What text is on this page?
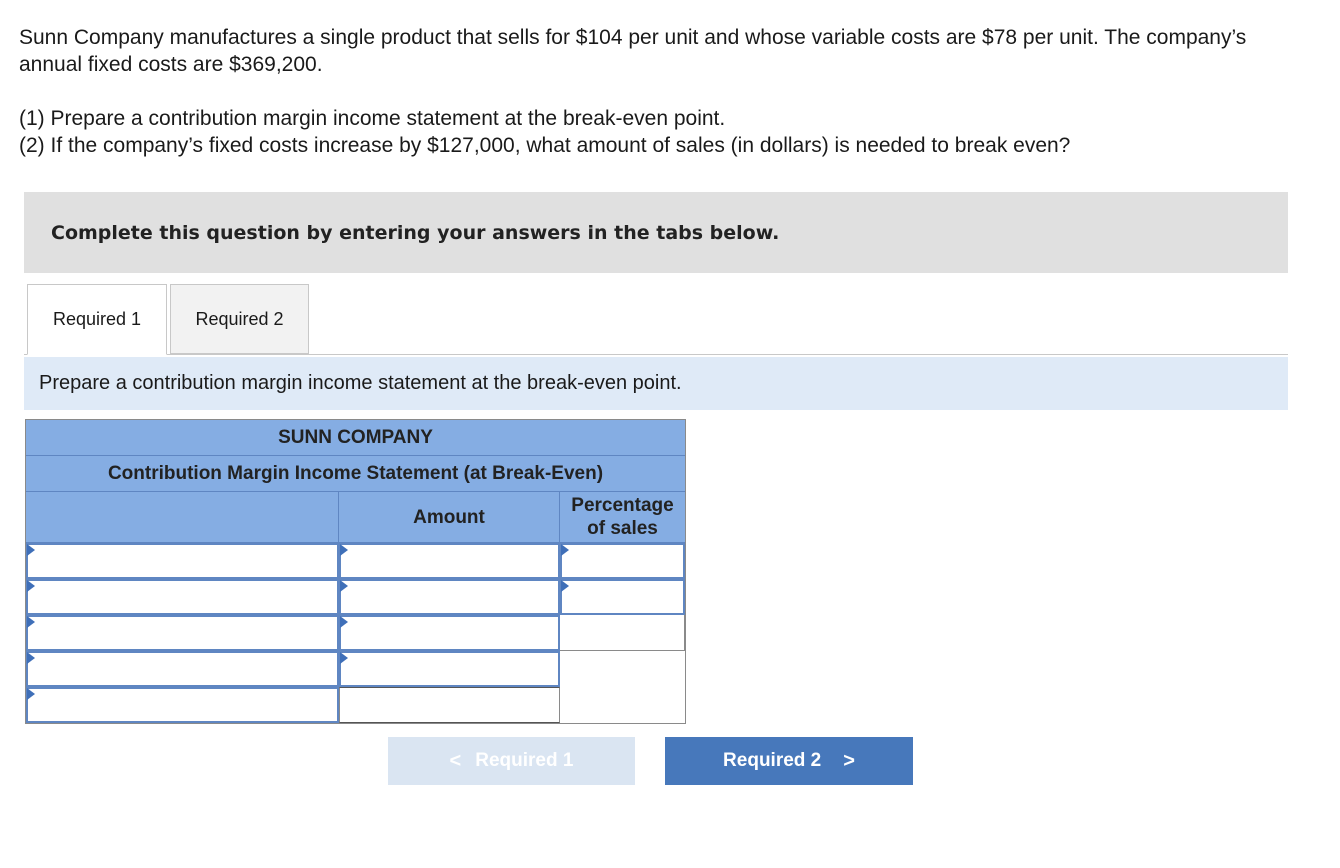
Sunn Company manufactures a single product that sells for $104 per unit and whose variable costs are $78 per unit. The company’s annual fixed costs are $369,200.

(1) Prepare a contribution margin income statement at the break-even point.

(2) If the company’s fixed costs increase by $127,000, what amount of sales (in dollars) is needed to break even?

Complete this question by entering your answers in the tabs below.
Required 1	Required 2
Prepare a contribution margin income statement at the break-even point.
SUNN COMPANY
Contribution Margin Income Statement (at Break-Even)
Amount
Percentage
of sales
< Required 1	Required 2 >
